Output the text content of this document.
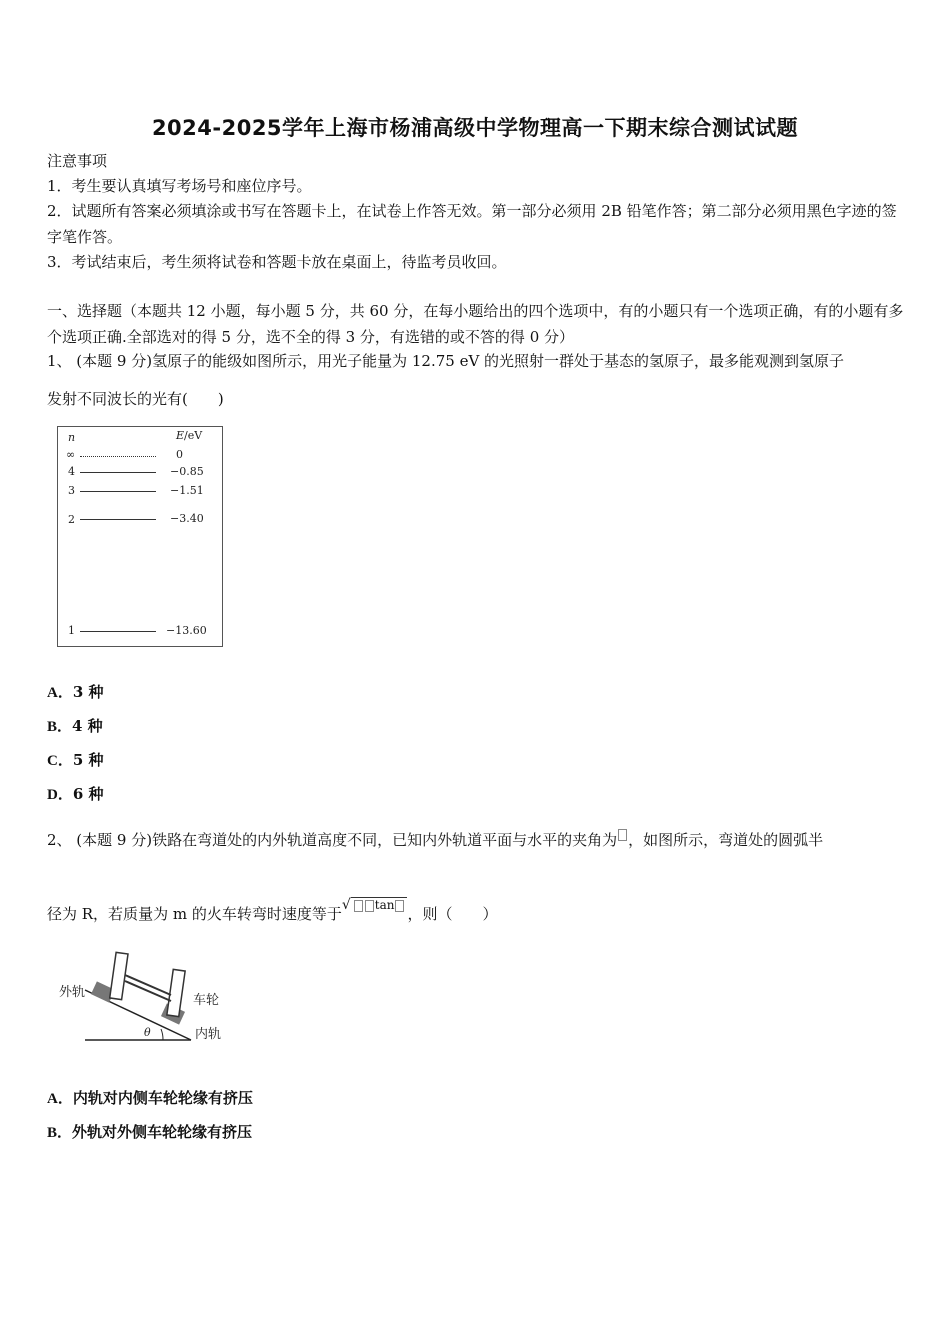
2024-2025学年上海市杨浦高级中学物理高一下期末综合测试试题
注意事项
1．考生要认真填写考场号和座位序号。
2．试题所有答案必须填涂或书写在答题卡上，在试卷上作答无效。第一部分必须用 2B 铅笔作答；第二部分必须用黑色字迹的签字笔作答。
3．考试结束后，考生须将试卷和答题卡放在桌面上，待监考员收回。
一、选择题（本题共 12 小题，每小题 5 分，共 60 分，在每小题给出的四个选项中，有的小题只有一个选项正确，有的小题有多个选项正确.全部选对的得 5 分，选不全的得 3 分，有选错的或不答的得 0 分）
1、 (本题 9 分)氢原子的能级如图所示，用光子能量为 12.75 eV 的光照射一群处于基态的氢原子，最多能观测到氢原子
发射不同波长的光有(　　)
n	E/eV
∞	0
4	−0.85
3	−1.51
2	−3.40
1	−13.60
A．3 种
B．4 种
C．5 种
D．6 种
2、 (本题 9 分)铁路在弯道处的内外轨道高度不同，已知内外轨道平面与水平的夹角为 ，如图所示，弯道处的圆弧半
径为 R，若质量为 m 的火车转弯时速度等于√ tan ，则（　　）
外轨
车轮
内轨
θ
A．内轨对内侧车轮轮缘有挤压
B．外轨对外侧车轮轮缘有挤压
